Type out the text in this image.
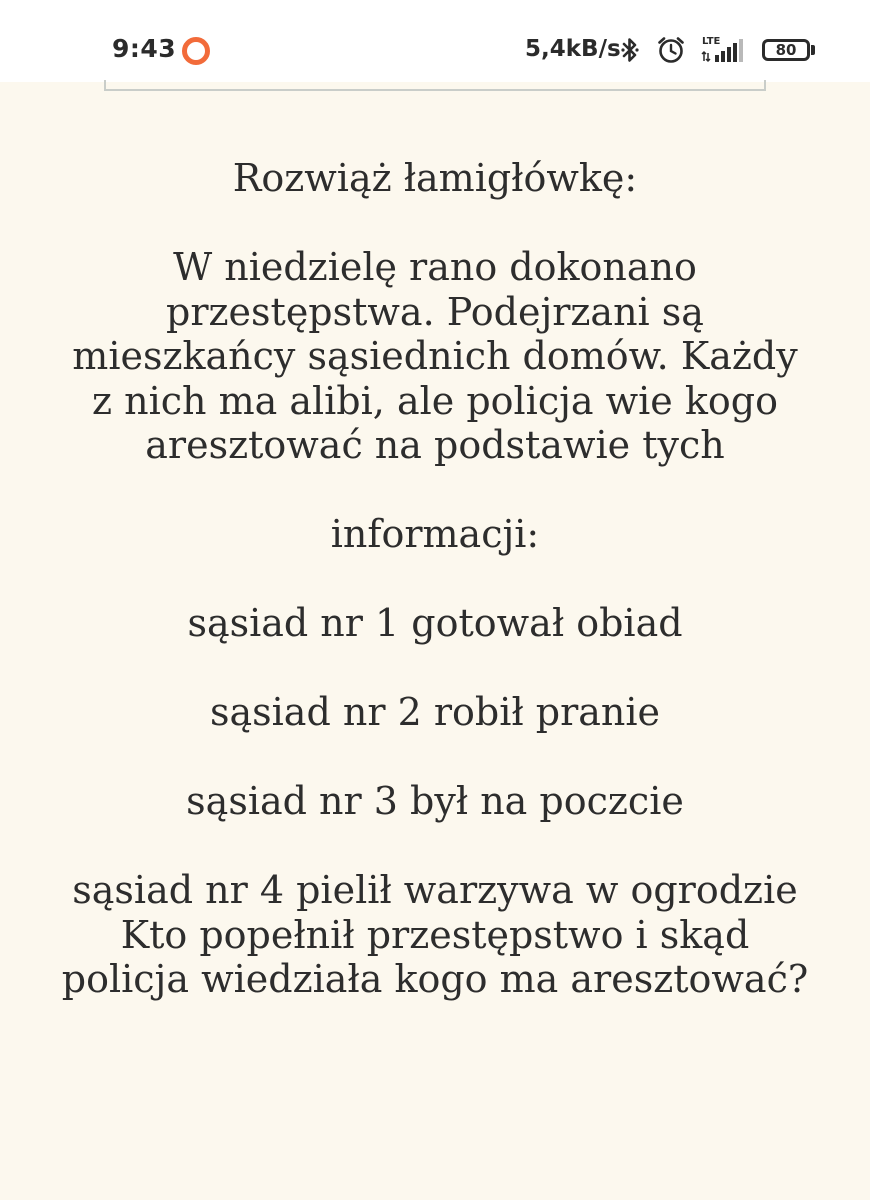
9:43	5,4kB/s	LTE	80

Rozwiąż łamigłówkę:

W niedzielę rano dokonano przestępstwa. Podejrzani są mieszkańcy sąsiednich domów. Każdy z nich ma alibi, ale policja wie kogo aresztować na podstawie tych

informacji:

sąsiad nr 1 gotował obiad

sąsiad nr 2 robił pranie

sąsiad nr 3 był na poczcie

sąsiad nr 4 pielił warzywa w ogrodzie Kto popełnił przestępstwo i skąd policja wiedziała kogo ma aresztować?
